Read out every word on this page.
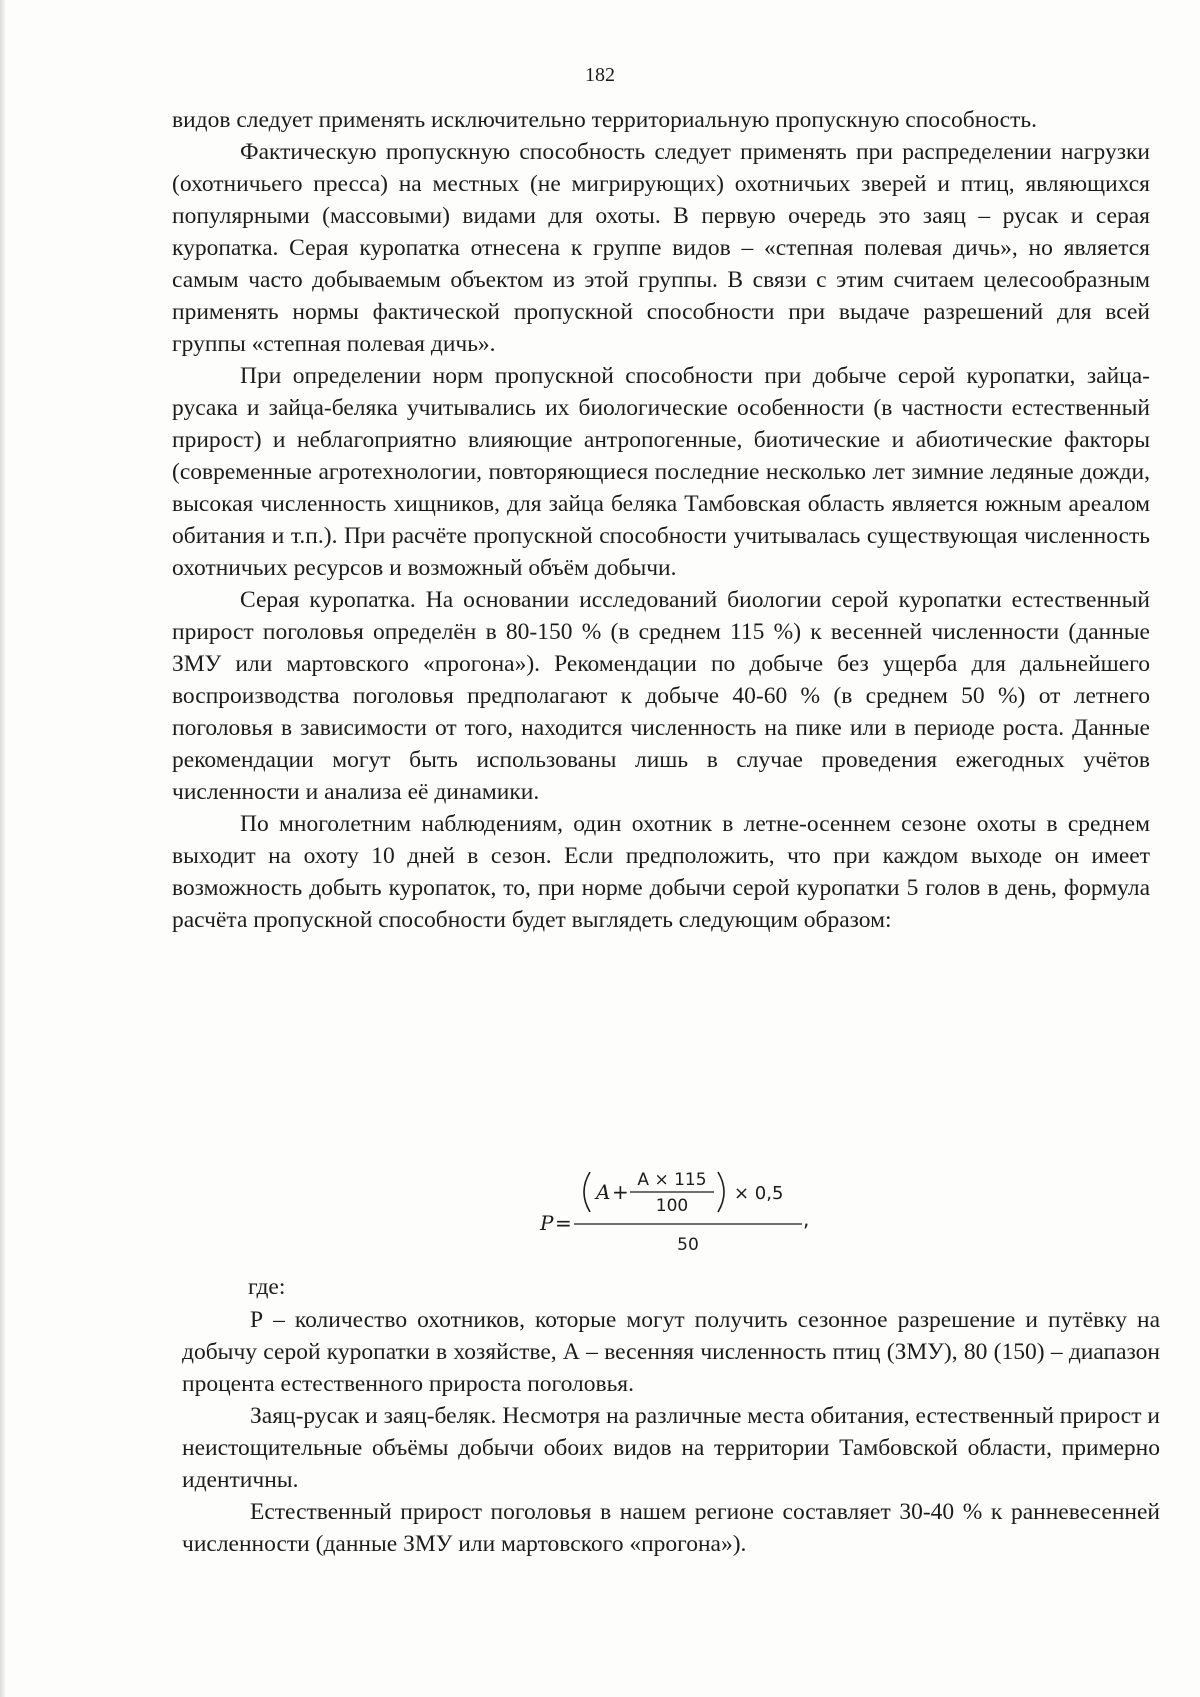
182

видов следует применять исключительно территориальную пропускную способность.

Фактическую пропускную способность следует применять при распределении нагрузки (охотничьего пресса) на местных (не мигрирующих) охотничьих зверей и птиц, являющихся популярными (массовыми) видами для охоты. В первую очередь это заяц – русак и серая куропатка. Серая куропатка отнесена к группе видов – «степная полевая дичь», но является самым часто добываемым объектом из этой группы. В связи с этим считаем целесообразным применять нормы фактической пропускной способности при выдаче разрешений для всей группы «степная полевая дичь».

При определении норм пропускной способности при добыче серой куропатки, зайца-русака и зайца-беляка учитывались их биологические особенности (в частности естественный прирост) и неблагоприятно влияющие антропогенные, биотические и абиотические факторы (современные агротехнологии, повторяющиеся последние несколько лет зимние ледяные дожди, высокая численность хищников, для зайца беляка Тамбовская область является южным ареалом обитания и т.п.). При расчёте пропускной способности учитывалась существующая численность охотничьих ресурсов и возможный объём добычи.

Серая куропатка. На основании исследований биологии серой куропатки естественный прирост поголовья определён в 80-150 % (в среднем 115 %) к весенней численности (данные ЗМУ или мартовского «прогона»). Рекомендации по добыче без ущерба для дальнейшего воспроизводства поголовья предполагают к добыче 40-60 % (в среднем 50 %) от летнего поголовья в зависимости от того, находится численность на пике или в периоде роста. Данные рекомендации могут быть использованы лишь в случае проведения ежегодных учётов численности и анализа её динамики.

По многолетним наблюдениям, один охотник в летне-осеннем сезоне охоты в среднем выходит на охоту 10 дней в сезон. Если предположить, что при каждом выходе он имеет возможность добыть куропаток, то, при норме добычи серой куропатки 5 голов в день, формула расчёта пропускной способности будет выглядеть следующим образом:

P =
A + A × 115
100
× 0,5
50
,
где:

Р – количество охотников, которые могут получить сезонное разрешение и путёвку на добычу серой куропатки в хозяйстве, А – весенняя численность птиц (ЗМУ), 80 (150) – диапазон процента естественного прироста поголовья.

Заяц-русак и заяц-беляк. Несмотря на различные места обитания, естественный прирост и неистощительные объёмы добычи обоих видов на территории Тамбовской области, примерно идентичны.

Естественный прирост поголовья в нашем регионе составляет 30-40 % к ранневесенней численности (данные ЗМУ или мартовского «прогона»).
